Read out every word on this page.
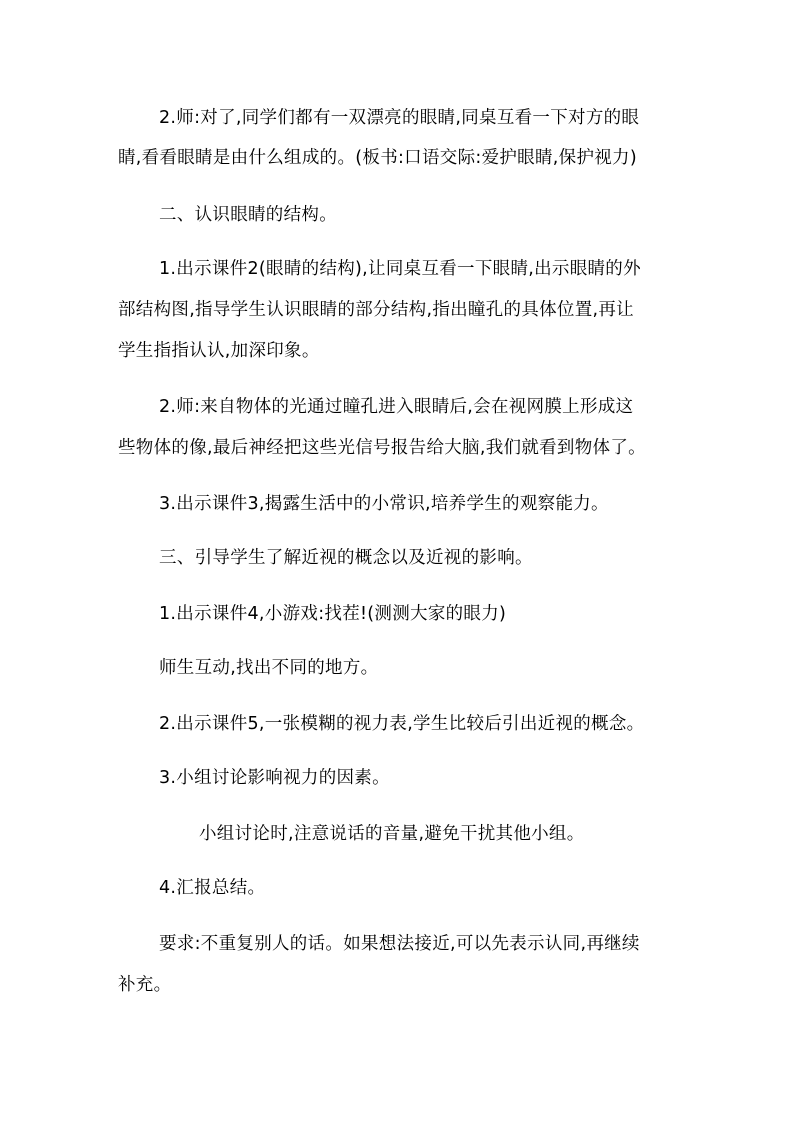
2.师:对了,同学们都有一双漂亮的眼睛,同桌互看一下对方的眼
睛,看看眼睛是由什么组成的。(板书:口语交际:爱护眼睛,保护视力)
二、认识眼睛的结构。
1.出示课件2(眼睛的结构),让同桌互看一下眼睛,出示眼睛的外
部结构图,指导学生认识眼睛的部分结构,指出瞳孔的具体位置,再让
学生指指认认,加深印象。
2.师:来自物体的光通过瞳孔进入眼睛后,会在视网膜上形成这
些物体的像,最后神经把这些光信号报告给大脑,我们就看到物体了。
3.出示课件3,揭露生活中的小常识,培养学生的观察能力。
三、引导学生了解近视的概念以及近视的影响。
1.出示课件4,小游戏:找茬!(测测大家的眼力)
师生互动,找出不同的地方。
2.出示课件5,一张模糊的视力表,学生比较后引出近视的概念。
3.小组讨论影响视力的因素。
小组讨论时,注意说话的音量,避免干扰其他小组。
4.汇报总结。
要求:不重复别人的话。如果想法接近,可以先表示认同,再继续
补充。
